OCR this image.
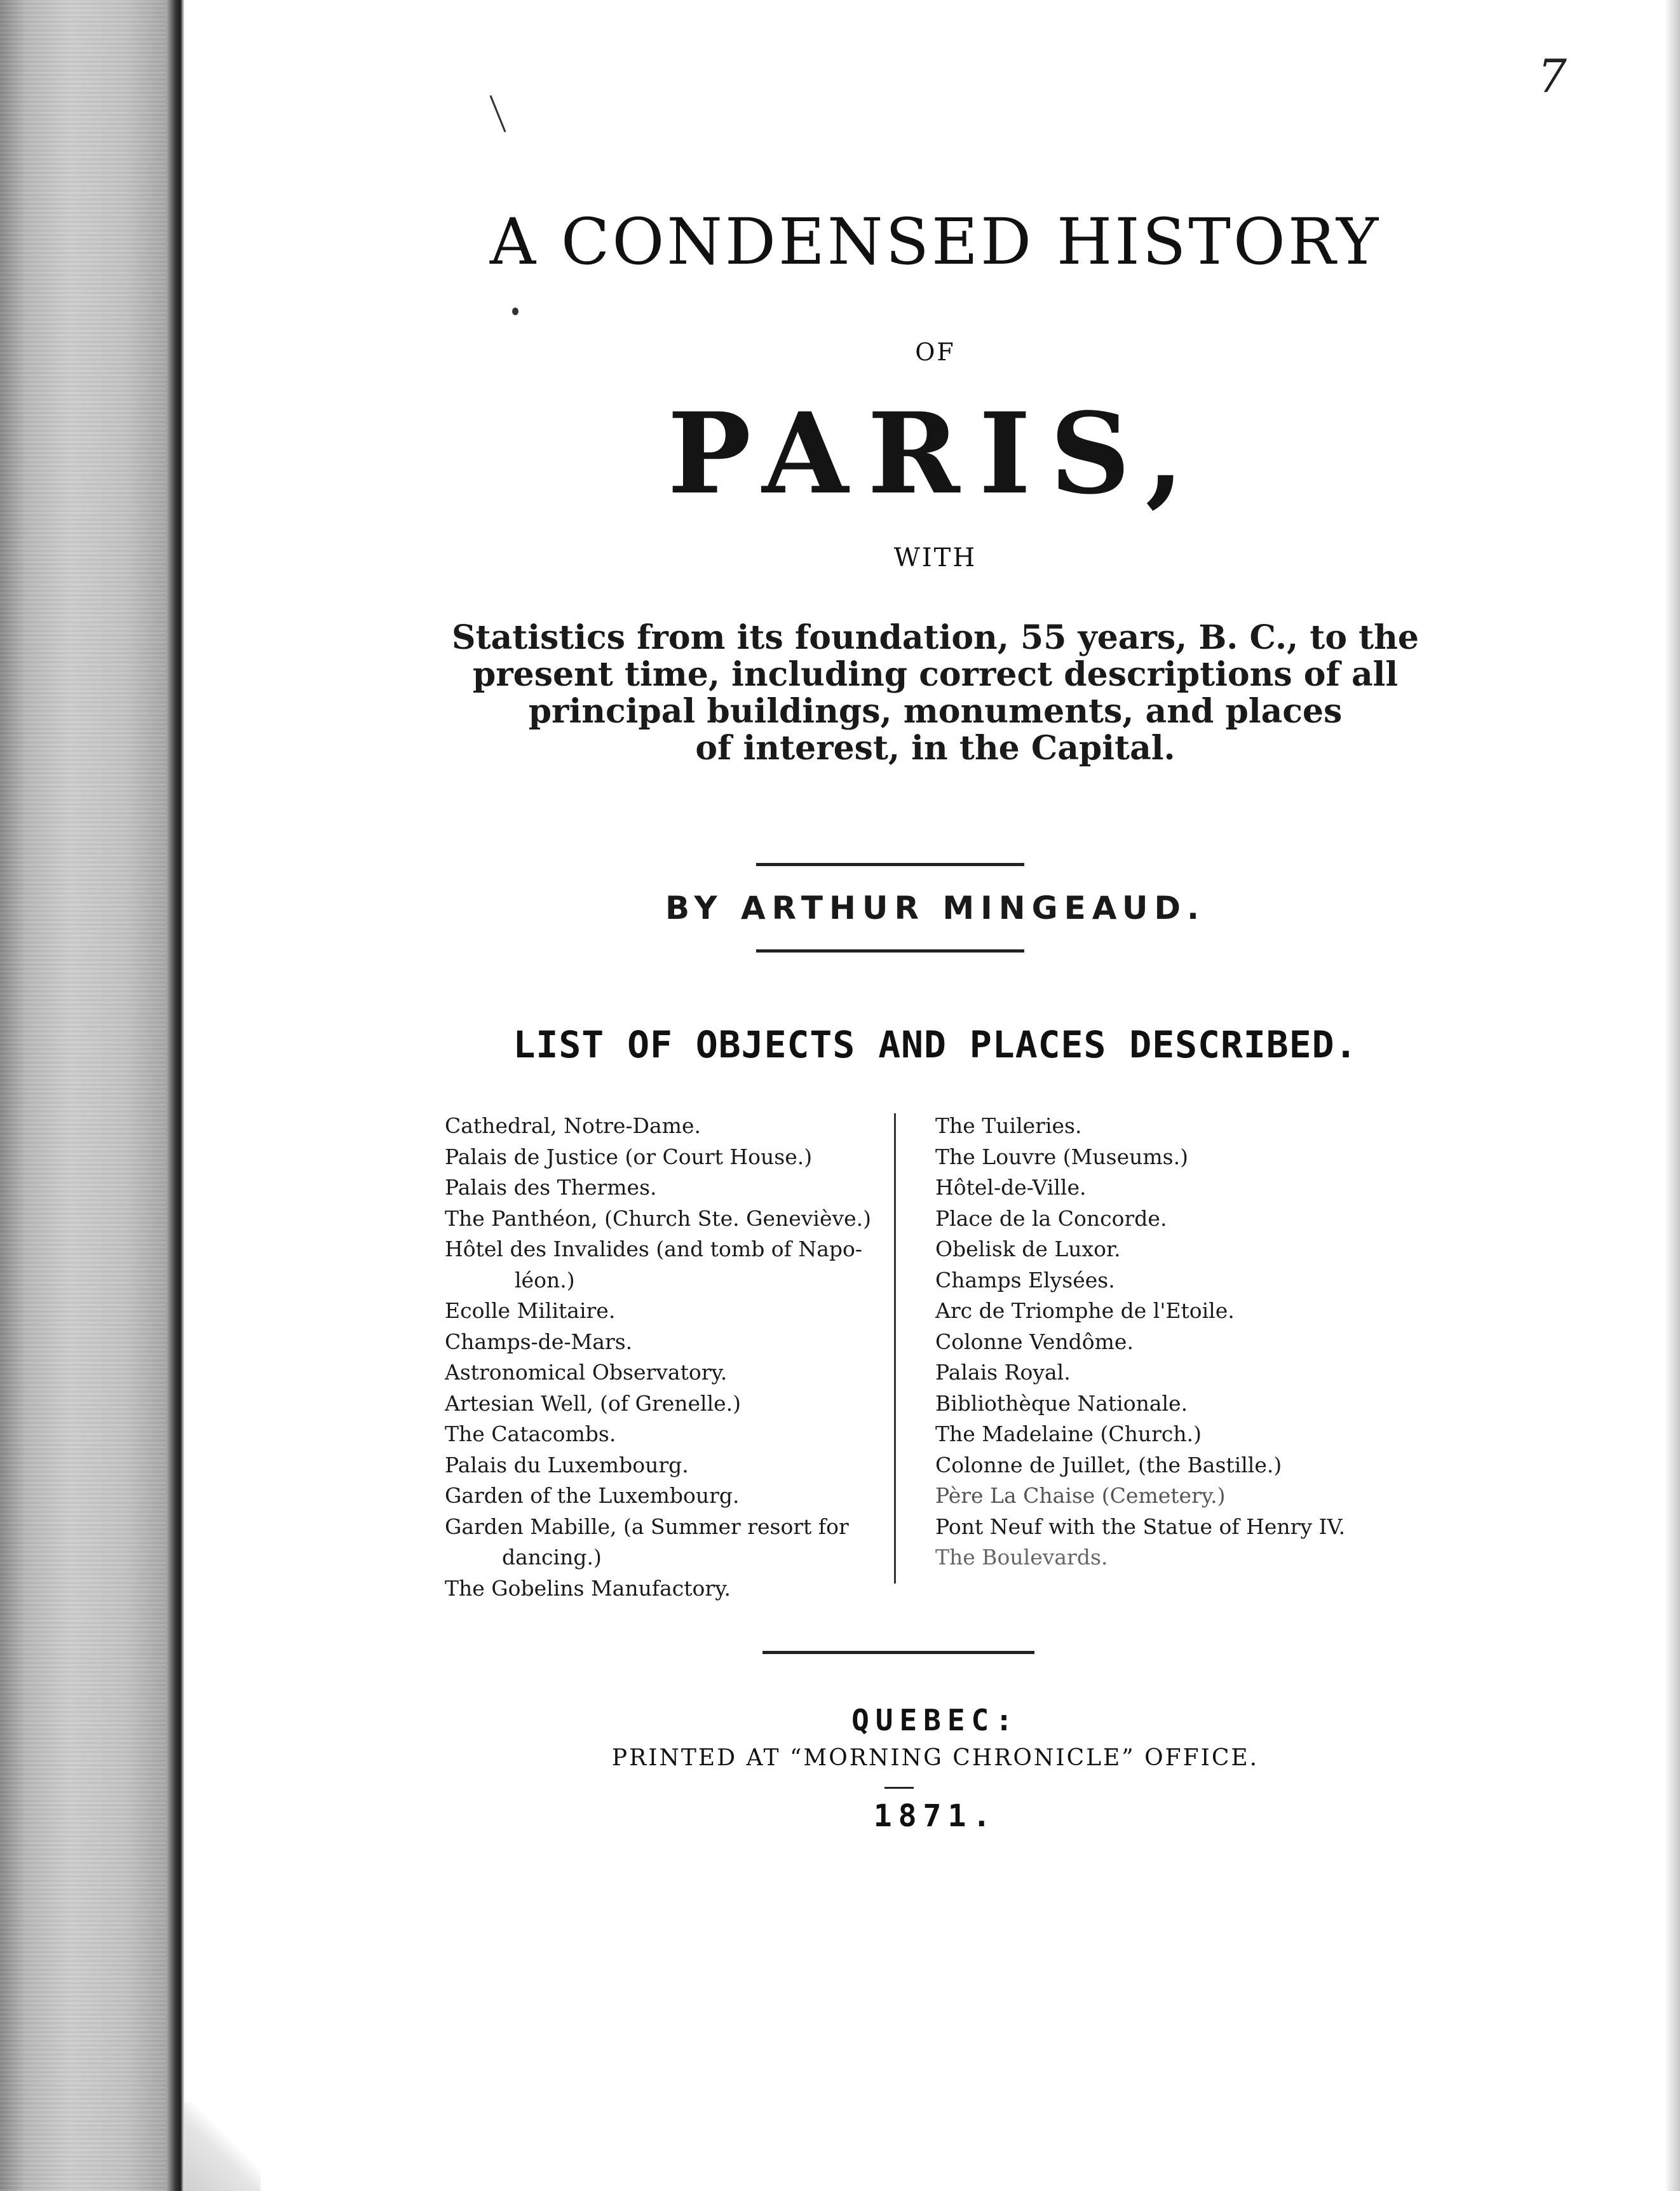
7
A CONDENSED HISTORY
OF
PARIS,
WITH
Statistics from its foundation, 55 years, B. C., to the
present time, including correct descriptions of all
principal buildings, monuments, and places
of interest, in the Capital.
BY ARTHUR MINGEAUD.
LIST OF OBJECTS AND PLACES DESCRIBED.
Cathedral, Notre-Dame.
Palais de Justice (or Court House.)
Palais des Thermes.
The Panthéon, (Church Ste. Geneviève.)
Hôtel des Invalides (and tomb of Napo-
léon.)
Ecolle Militaire.
Champs-de-Mars.
Astronomical Observatory.
Artesian Well, (of Grenelle.)
The Catacombs.
Palais du Luxembourg.
Garden of the Luxembourg.
Garden Mabille, (a Summer resort for
dancing.)
The Gobelins Manufactory.
The Tuileries.
The Louvre (Museums.)
Hôtel-de-Ville.
Place de la Concorde.
Obelisk de Luxor.
Champs Elysées.
Arc de Triomphe de l'Etoile.
Colonne Vendôme.
Palais Royal.
Bibliothèque Nationale.
The Madelaine (Church.)
Colonne de Juillet, (the Bastille.)
Père La Chaise (Cemetery.)
Pont Neuf with the Statue of Henry IV.
The Boulevards.
QUEBEC:
PRINTED AT “MORNING CHRONICLE” OFFICE.
1871.
